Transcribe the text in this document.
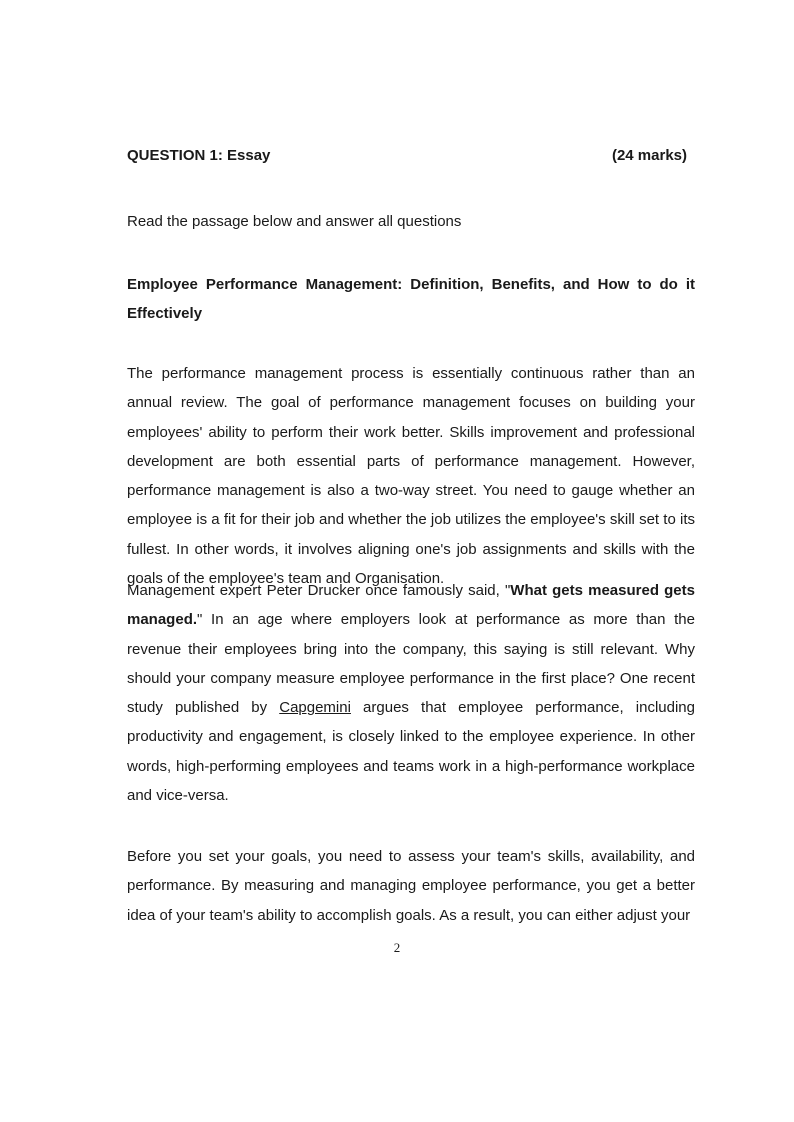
QUESTION 1: Essay	(24 marks)
Read the passage below and answer all questions
Employee Performance Management: Definition, Benefits, and How to do it Effectively

The performance management process is essentially continuous rather than an annual review. The goal of performance management focuses on building your employees' ability to perform their work better. Skills improvement and professional development are both essential parts of performance management. However, performance management is also a two-way street. You need to gauge whether an employee is a fit for their job and whether the job utilizes the employee's skill set to its fullest. In other words, it involves aligning one's job assignments and skills with the goals of the employee's team and Organisation.

Management expert Peter Drucker once famously said, "What gets measured gets managed." In an age where employers look at performance as more than the revenue their employees bring into the company, this saying is still relevant. Why should your company measure employee performance in the first place? One recent study published by Capgemini argues that employee performance, including productivity and engagement, is closely linked to the employee experience. In other words, high-performing employees and teams work in a high-performance workplace and vice-versa.

Before you set your goals, you need to assess your team's skills, availability, and performance. By measuring and managing employee performance, you get a better idea of your team's ability to accomplish goals. As a result, you can either adjust your

2
